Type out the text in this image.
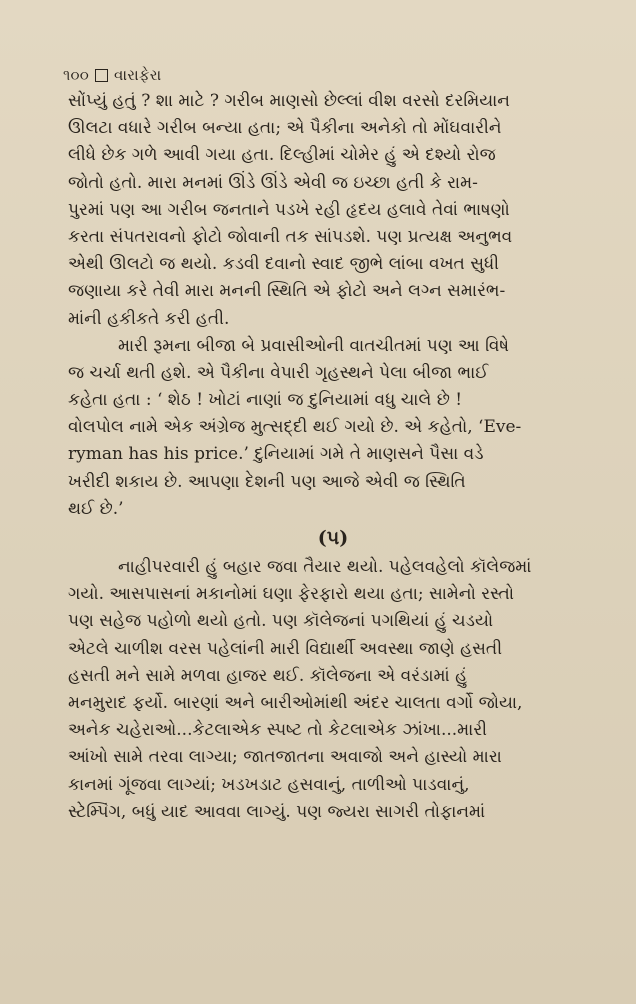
૧૦૦ વારાફેરા
સોંપ્યું હતું ? શા માટે ? ગરીબ માણસો છેલ્લાં વીશ વરસો દરમિયાન
ઊલટા વધારે ગરીબ બન્યા હતા; એ પૈકીના અનેકો તો મોંઘવારીને
લીધે છેક ગળે આવી ગયા હતા. દિલ્હીમાં ચોમેર હું એ દશ્યો રોજ
જોતો હતો. મારા મનમાં ઊંડે ઊંડે એવી જ ઇચ્છા હતી કે રામ-
પુરમાં પણ આ ગરીબ જનતાને પડખે રહી હૃદય હલાવે તેવાં ભાષણો
કરતા સંપતરાવનો ફોટો જોવાની તક સાંપડશે. પણ પ્રત્યક્ષ અનુભવ
એથી ઊલટો જ થયો. કડવી દવાનો સ્વાદ જીભે લાંબા વખત સુધી
જણાયા કરે તેવી મારા મનની સ્થિતિ એ ફોટો અને લગ્ન સમારંભ-
માંની હકીકતે કરી હતી.
મારી રૂમના બીજા બે પ્રવાસીઓની વાતચીતમાં પણ આ વિષે
જ ચર્ચા થતી હશે. એ પૈકીના વેપારી ગૃહસ્થને પેલા બીજા ભાઈ
કહેતા હતા : ‘ શેઠ ! ખોટાં નાણાં જ દુનિયામાં વધુ ચાલે છે !
વોલપોલ નામે એક અંગ્રેજ મુત્સદ્દી થઈ ગયો છે. એ કહેતો, ‘Eve-
ryman has his price.’ દુનિયામાં ગમે તે માણસને પૈસા વડે
ખરીદી શકાય છે. આપણા દેશની પણ આજે એવી જ સ્થિતિ
થઈ છે.’
(૫)
નાહીપરવારી હું બહાર જવા તૈયાર થયો. પહેલવહેલો કૉલેજમાં
ગયો. આસપાસનાં મકાનોમાં ઘણા ફેરફારો થયા હતા; સામેનો રસ્તો
પણ સહેજ પહોળો થયો હતો. પણ કૉલેજનાં પગથિયાં હું ચડયો
એટલે ચાળીશ વરસ પહેલાંની મારી વિદ્યાર્થી અવસ્થા જાણે હસતી
હસતી મને સામે મળવા હાજર થઈ. કૉલેજના એ વરંડામાં હું
મનમુરાદ ફર્યો. બારણાં અને બારીઓમાંથી અંદર ચાલતા વર્ગો જોયા,
અનેક ચહેરાઓ...કેટલાએક સ્પષ્ટ તો કેટલાએક ઝાંખા...મારી
આંખો સામે તરવા લાગ્યા; જાતજાતના અવાજો અને હાસ્યો મારા
કાનમાં ગૂંજવા લાગ્યાં; ખડખડાટ હસવાનું, તાળીઓ પાડવાનું,
સ્ટેમ્પિંગ, બધું યાદ આવવા લાગ્યું. પણ જ્યરા સાગરી તોફાનમાં
